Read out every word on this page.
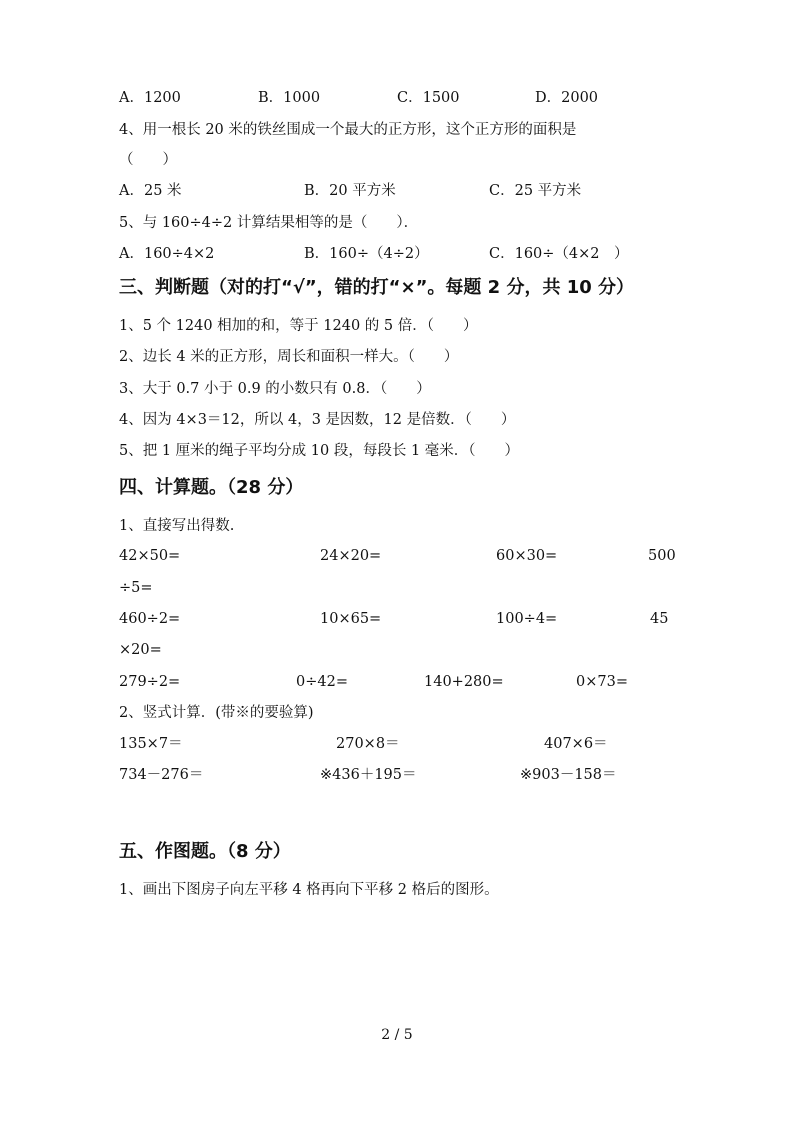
A．1200	B．1000	C．1500	D．2000
4、用一根长 20 米的铁丝围成一个最大的正方形，这个正方形的面积是
（　　）
A．25 米	B．20 平方米	C．25 平方米
5、与 160÷4÷2 计算结果相等的是（　　）．
A．160÷4×2	B．160÷（4÷2）	C．160÷（4×2　）
三、判断题（对的打“√”，错的打“×”。每题 2 分，共 10 分）
1、5 个 1240 相加的和，等于 1240 的 5 倍．（　　）
2、边长 4 米的正方形，周长和面积一样大。（　　）
3、大于 0.7 小于 0.9 的小数只有 0.8．（　　）
4、因为 4×3＝12，所以 4，3 是因数，12 是倍数．（　　）
5、把 1 厘米的绳子平均分成 10 段，每段长 1 毫米．（　　）
四、计算题。（28 分）
1、直接写出得数.
42×50=	24×20=	60×30=	500
÷5=
460÷2=	10×65=	100÷4=	45
×20=
279÷2=	0÷42=	140+280=	0×73=
2、竖式计算．(带※的要验算)
135×7＝	270×8＝	407×6＝
734－276＝	※436＋195＝	※903－158＝
五、作图题。（8 分）
1、画出下图房子向左平移 4 格再向下平移 2 格后的图形。
2 / 5
